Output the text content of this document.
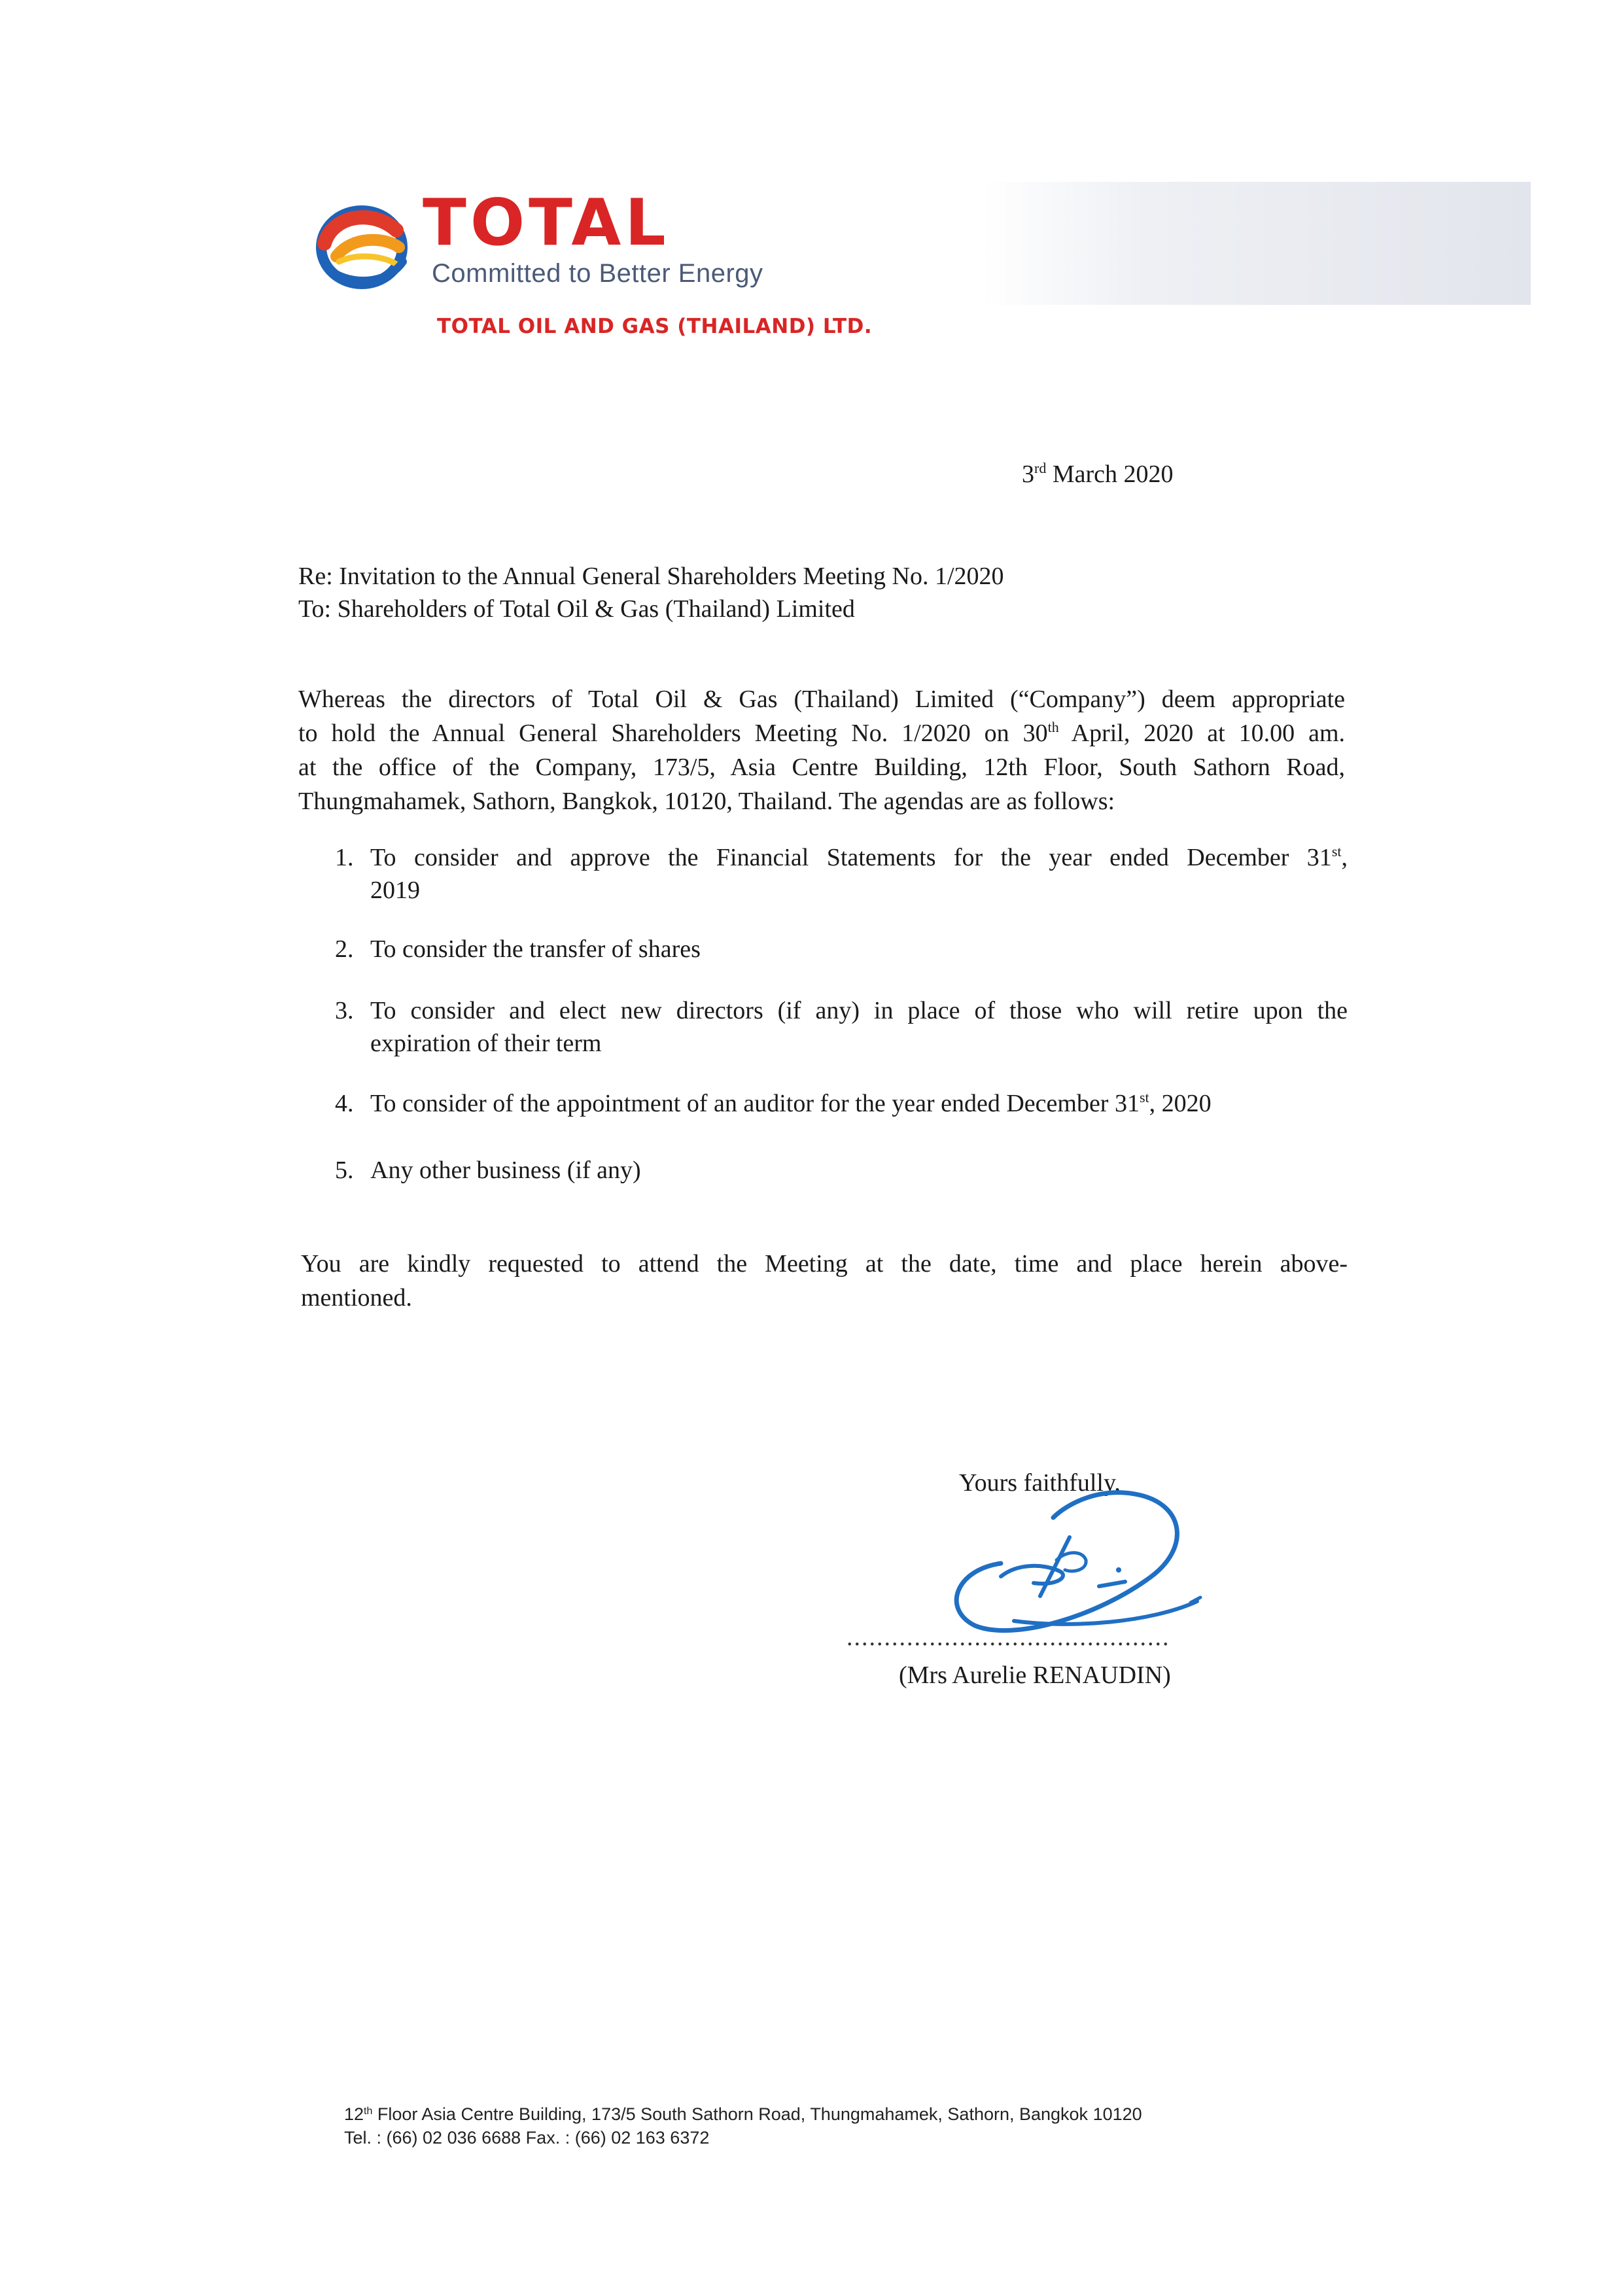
TOTAL
Committed to Better Energy
TOTAL OIL AND GAS (THAILAND) LTD.
3rd March 2020
Re: Invitation to the Annual General Shareholders Meeting No. 1/2020
To: Shareholders of Total Oil & Gas (Thailand) Limited
Whereas the directors of Total Oil & Gas (Thailand) Limited (“Company”) deem appropriate
to hold the Annual General Shareholders Meeting No. 1/2020 on 30th April, 2020 at 10.00 am.
at the office of the Company, 173/5, Asia Centre Building, 12th Floor, South Sathorn Road,
Thungmahamek, Sathorn, Bangkok, 10120, Thailand. The agendas are as follows:
1. To consider and approve the Financial Statements for the year ended December 31st,
2019
2. To consider the transfer of shares
3. To consider and elect new directors (if any) in place of those who will retire upon the
expiration of their term
4. To consider of the appointment of an auditor for the year ended December 31st, 2020
5. Any other business (if any)
You are kindly requested to attend the Meeting at the date, time and place herein above-
mentioned.
Yours faithfully,
...........................................
(Mrs Aurelie RENAUDIN)
12th Floor Asia Centre Building, 173/5 South Sathorn Road, Thungmahamek, Sathorn, Bangkok 10120
Tel. : (66) 02 036 6688 Fax. : (66) 02 163 6372
